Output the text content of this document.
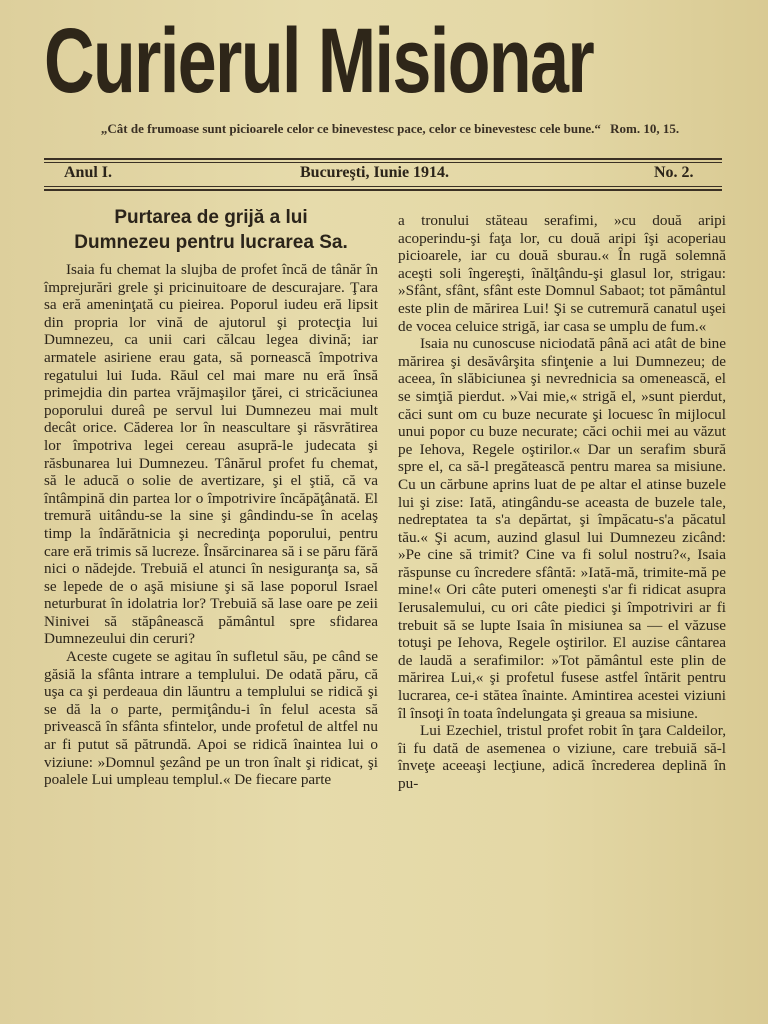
Curierul Misionar
„Cât de frumoase sunt picioarele celor ce binevestesc pace, celor ce binevestesc cele bune.“ Rom. 10, 15.
Anul I.	Bucureşti, Iunie 1914.	No. 2.
Purtarea de grijă a lui
Dumnezeu pentru lucrarea Sa.

Isaia fu chemat la slujba de profet încă de tânăr în împrejurări grele şi pricinuitoare de descurajare. Ţara sa eră ameninţată cu pieirea. Poporul iudeu eră lipsit din propria lor vină de ajutorul şi protecţia lui Dumnezeu, ca unii cari călcau legea divină; iar armatele asiriene erau gata, să pornească împotriva regatului lui Iuda. Răul cel mai mare nu eră însă primejdia din partea vrăjmaşilor ţărei, ci stricăciunea poporului dureâ pe servul lui Dumnezeu mai mult decât orice. Căderea lor în neascultare şi răsvrătirea lor împotriva legei cereau asupră-le judecata şi răsbunarea lui Dumnezeu. Tânărul profet fu chemat, să le aducă o solie de avertizare, şi el ştiă, că va întâmpină din partea lor o împotrivire încăpăţânată. El tremură uitându-se la sine şi gândindu-se în acelaş timp la îndărătnicia şi necredinţa poporului, pentru care eră trimis să lucreze. Însărcinarea să i se păru fără nici o nădejde. Trebuiă el atunci în nesiguranţa sa, să se lepede de o aşă misiune şi să lase poporul Israel neturburat în idolatria lor? Trebuiă să lase oare pe zeii Ninivei să stăpânească pământul spre sfidarea Dumnezeului din ceruri?

Aceste cugete se agitau în sufletul său, pe când se găsiă la sfânta intrare a templului. De odată păru, că uşa ca şi perdeaua din lăuntru a templului se ridică şi se dă la o parte, permiţându-i în felul acesta să privească în sfânta sfintelor, unde profetul de altfel nu ar fi putut să pătrundă. Apoi se ridică înaintea lui o viziune: »Domnul şezând pe un tron înalt şi ridicat, şi poalele Lui umpleau templul.« De fiecare parte

a tronului stăteau serafimi, »cu două aripi acoperindu-şi faţa lor, cu două aripi îşi acoperiau picioarele, iar cu două sburau.« În rugă solemnă aceşti soli îngereşti, înălţându-şi glasul lor, strigau: »Sfânt, sfânt, sfânt este Domnul Sabaot; tot pământul este plin de mărirea Lui! Şi se cutremură canatul uşei de vocea celuice strigă, iar casa se umplu de fum.«

Isaia nu cunoscuse niciodată până aci atât de bine mărirea şi desăvârşita sfinţenie a lui Dumnezeu; de aceea, în slăbiciunea şi nevrednicia sa omenească, el se simţiă pierdut. »Vai mie,« strigă el, »sunt pierdut, căci sunt om cu buze necurate şi locuesc în mijlocul unui popor cu buze necurate; căci ochii mei au văzut pe Iehova, Regele oştirilor.« Dar un serafim sbură spre el, ca să-l pregătească pentru marea sa misiune. Cu un cărbune aprins luat de pe altar el atinse buzele lui şi zise: Iată, atingându-se aceasta de buzele tale, nedreptatea ta s'a depărtat, şi împăcatu-s'a păcatul tău.« Şi acum, auzind glasul lui Dumnezeu zicând: »Pe cine să trimit? Cine va fi solul nostru?«, Isaia răspunse cu încredere sfântă: »Iată-mă, trimite-mă pe mine!« Ori câte puteri omeneşti s'ar fi ridicat asupra Ierusalemului, cu ori câte piedici şi împotriviri ar fi trebuit să se lupte Isaia în misiunea sa — el văzuse totuşi pe Iehova, Regele oştirilor. El auzise cântarea de laudă a serafimilor: »Tot pământul este plin de mărirea Lui,« şi profetul fusese astfel întărit pentru lucrarea, ce-i stătea înainte. Amintirea acestei viziuni îl însoţi în toata îndelungata şi greaua sa misiune.

Lui Ezechiel, tristul profet robit în ţara Caldeilor, îi fu dată de asemenea o viziune, care trebuiă să-l înveţe aceeaşi lecţiune, adică încrederea deplină în pu-
